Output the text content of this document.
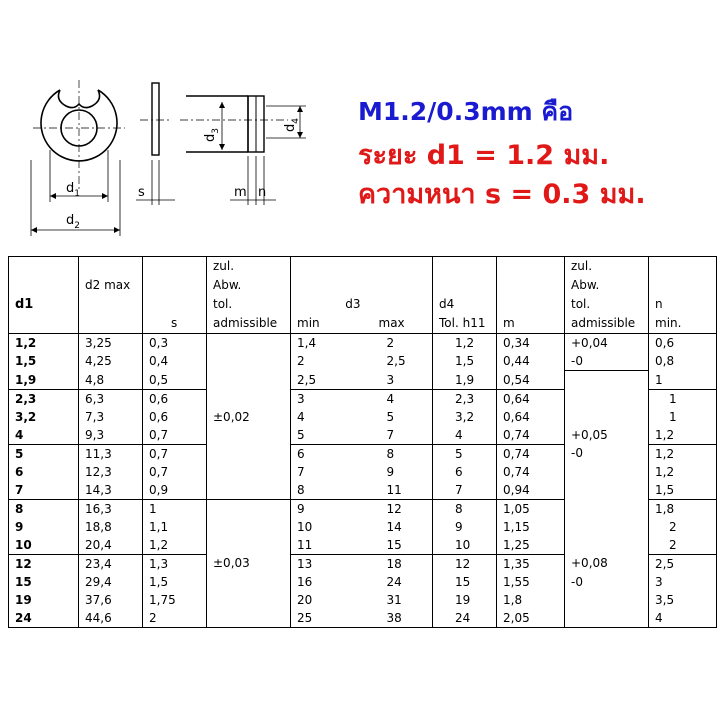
$d_1$
$d_2$
s
$d_3$	$d_4$
m n
M1.2/0.3mm คือ
ระยะ d1 = 1.2 มม.
ความหนา s = 0.3 มม.
			zul.					zul.	
	d2 max		Abw.					Abw.	
d1			tol.	d3		d4		tol.	n
		s	admissible	min	max	Tol. h11	m	admissible	min.
1,2	3,25	0,3		1,4	2	1,2	0,34	+0,04	0,6
1,5	4,25	0,4		2	2,5	1,5	0,44	-0	0,8
1,9	4,8	0,5		2,5	3	1,9	0,54		1
2,3	6,3	0,6		3	4	2,3	0,64		1
3,2	7,3	0,6	±0,02	4	5	3,2	0,64		1
4	9,3	0,7		5	7	4	0,74	+0,05	1,2
5	11,3	0,7		6	8	5	0,74	-0	1,2
6	12,3	0,7		7	9	6	0,74		1,2
7	14,3	0,9		8	11	7	0,94		1,5
8	16,3	1		9	12	8	1,05		1,8
9	18,8	1,1		10	14	9	1,15		2
10	20,4	1,2		11	15	10	1,25		2
12	23,4	1,3	±0,03	13	18	12	1,35	+0,08	2,5
15	29,4	1,5		16	24	15	1,55	-0	3
19	37,6	1,75		20	31	19	1,8		3,5
24	44,6	2		25	38	24	2,05		4
